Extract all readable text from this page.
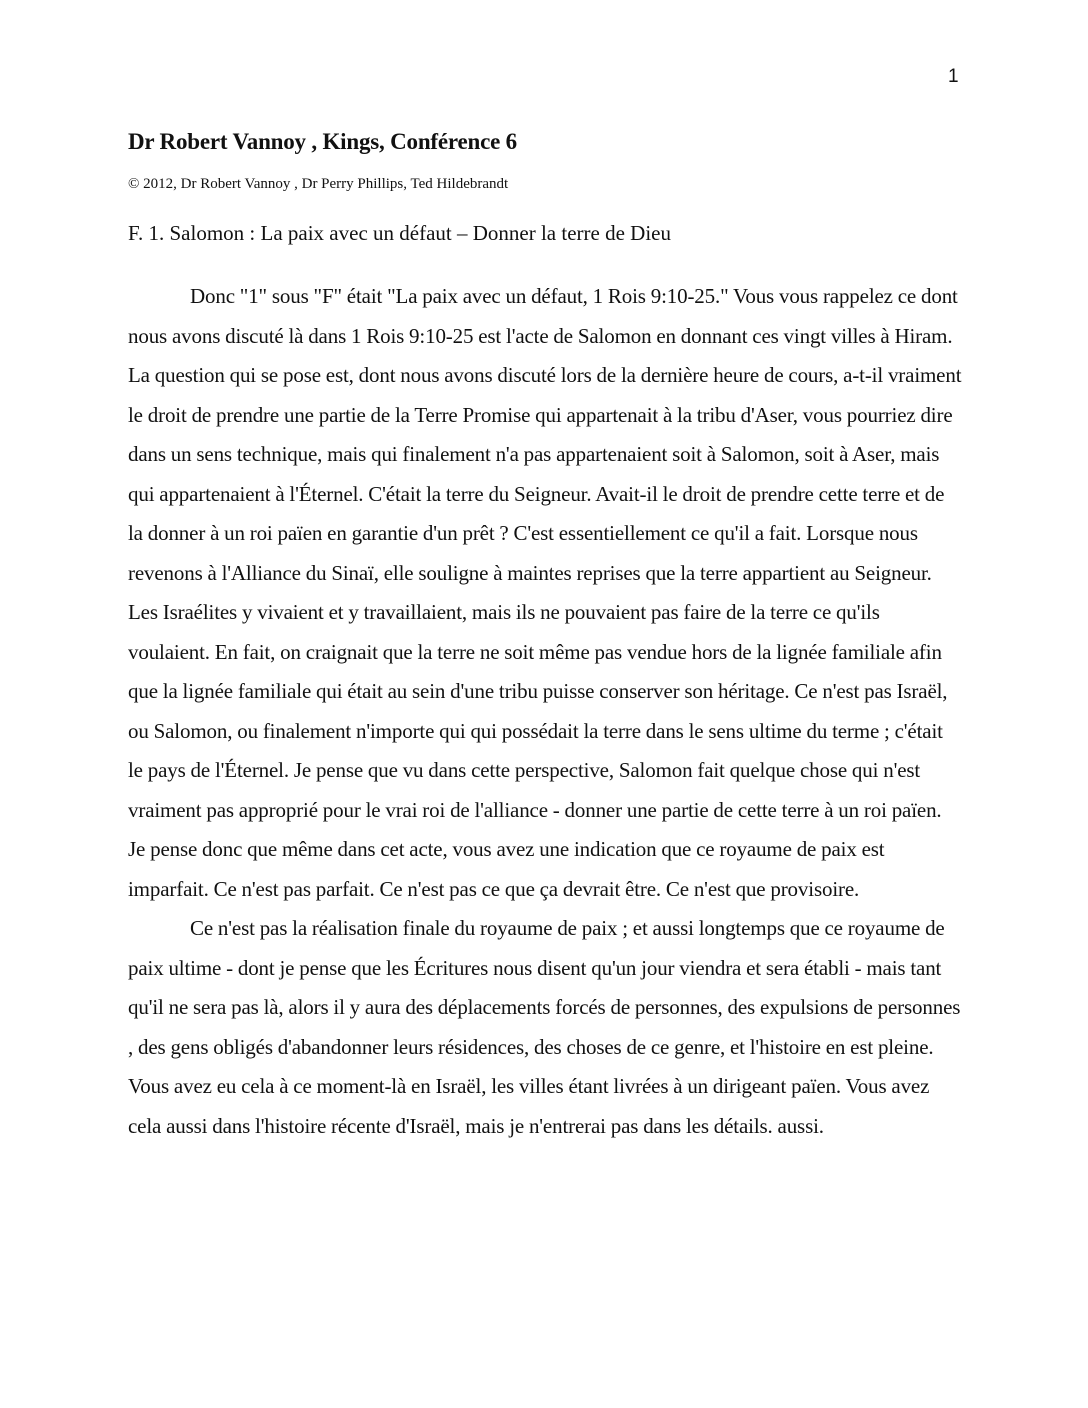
1
Dr Robert Vannoy , Kings, Conférence 6

© 2012, Dr Robert Vannoy , Dr Perry Phillips, Ted Hildebrandt

F. 1. Salomon : La paix avec un défaut – Donner la terre de Dieu

Donc "1" sous "F" était "La paix avec un défaut, 1 Rois 9:10-25." Vous vous rappelez ce dont nous avons discuté là dans 1 Rois 9:10-25 est l'acte de Salomon en donnant ces vingt villes à Hiram. La question qui se pose est, dont nous avons discuté lors de la dernière heure de cours, a-t-il vraiment le droit de prendre une partie de la Terre Promise qui appartenait à la tribu d'Aser, vous pourriez dire dans un sens technique, mais qui finalement n'a pas appartenaient soit à Salomon, soit à Aser, mais qui appartenaient à l'Éternel. C'était la terre du Seigneur. Avait-il le droit de prendre cette terre et de la donner à un roi païen en garantie d'un prêt ? C'est essentiellement ce qu'il a fait. Lorsque nous revenons à l'Alliance du Sinaï, elle souligne à maintes reprises que la terre appartient au Seigneur. Les Israélites y vivaient et y travaillaient, mais ils ne pouvaient pas faire de la terre ce qu'ils voulaient. En fait, on craignait que la terre ne soit même pas vendue hors de la lignée familiale afin que la lignée familiale qui était au sein d'une tribu puisse conserver son héritage. Ce n'est pas Israël, ou Salomon, ou finalement n'importe qui qui possédait la terre dans le sens ultime du terme ; c'était le pays de l'Éternel. Je pense que vu dans cette perspective, Salomon fait quelque chose qui n'est vraiment pas approprié pour le vrai roi de l'alliance - donner une partie de cette terre à un roi païen. Je pense donc que même dans cet acte, vous avez une indication que ce royaume de paix est imparfait. Ce n'est pas parfait. Ce n'est pas ce que ça devrait être. Ce n'est que provisoire.

Ce n'est pas la réalisation finale du royaume de paix ; et aussi longtemps que ce royaume de paix ultime - dont je pense que les Écritures nous disent qu'un jour viendra et sera établi - mais tant qu'il ne sera pas là, alors il y aura des déplacements forcés de personnes, des expulsions de personnes , des gens obligés d'abandonner leurs résidences, des choses de ce genre, et l'histoire en est pleine. Vous avez eu cela à ce moment-là en Israël, les villes étant livrées à un dirigeant païen. Vous avez cela aussi dans l'histoire récente d'Israël, mais je n'entrerai pas dans les détails. aussi.
